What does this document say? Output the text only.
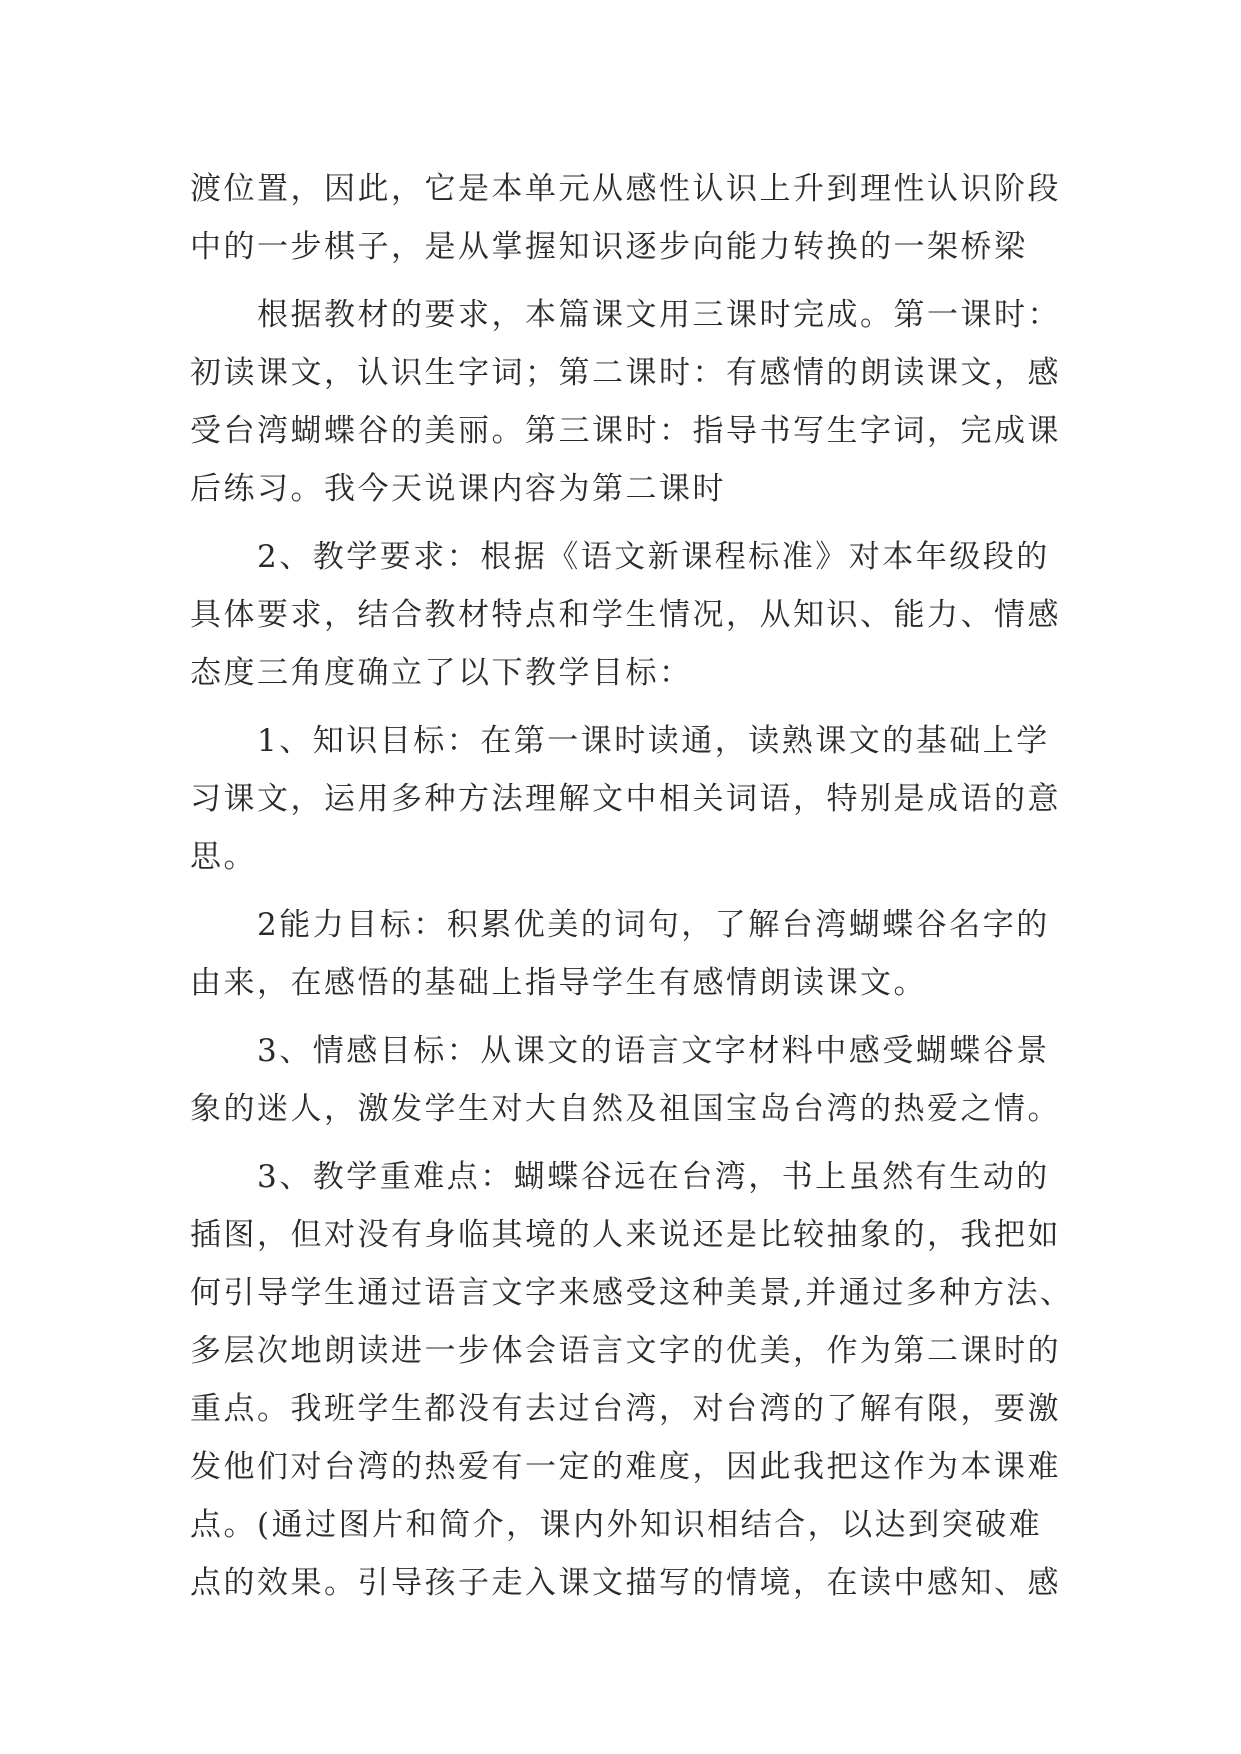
渡位置，因此，它是本单元从感性认识上升到理性认识阶段
中的一步棋子，是从掌握知识逐步向能力转换的一架桥梁
　　根据教材的要求，本篇课文用三课时完成。第一课时：
初读课文，认识生字词；第二课时：有感情的朗读课文，感
受台湾蝴蝶谷的美丽。第三课时：指导书写生字词，完成课
后练习。我今天说课内容为第二课时
　　2、教学要求：根据《语文新课程标准》对本年级段的
具体要求，结合教材特点和学生情况，从知识、能力、情感
态度三角度确立了以下教学目标：
　　1、知识目标：在第一课时读通，读熟课文的基础上学
习课文，运用多种方法理解文中相关词语，特别是成语的意
思。
　　2能力目标：积累优美的词句，了解台湾蝴蝶谷名字的
由来，在感悟的基础上指导学生有感情朗读课文。
　　3、情感目标：从课文的语言文字材料中感受蝴蝶谷景
象的迷人，激发学生对大自然及祖国宝岛台湾的热爱之情。
　　3、教学重难点：蝴蝶谷远在台湾，书上虽然有生动的
插图，但对没有身临其境的人来说还是比较抽象的，我把如
何引导学生通过语言文字来感受这种美景,并通过多种方法、
多层次地朗读进一步体会语言文字的优美，作为第二课时的
重点。我班学生都没有去过台湾，对台湾的了解有限，要激
发他们对台湾的热爱有一定的难度，因此我把这作为本课难
点。(通过图片和简介，课内外知识相结合，以达到突破难
点的效果。引导孩子走入课文描写的情境，在读中感知、感
